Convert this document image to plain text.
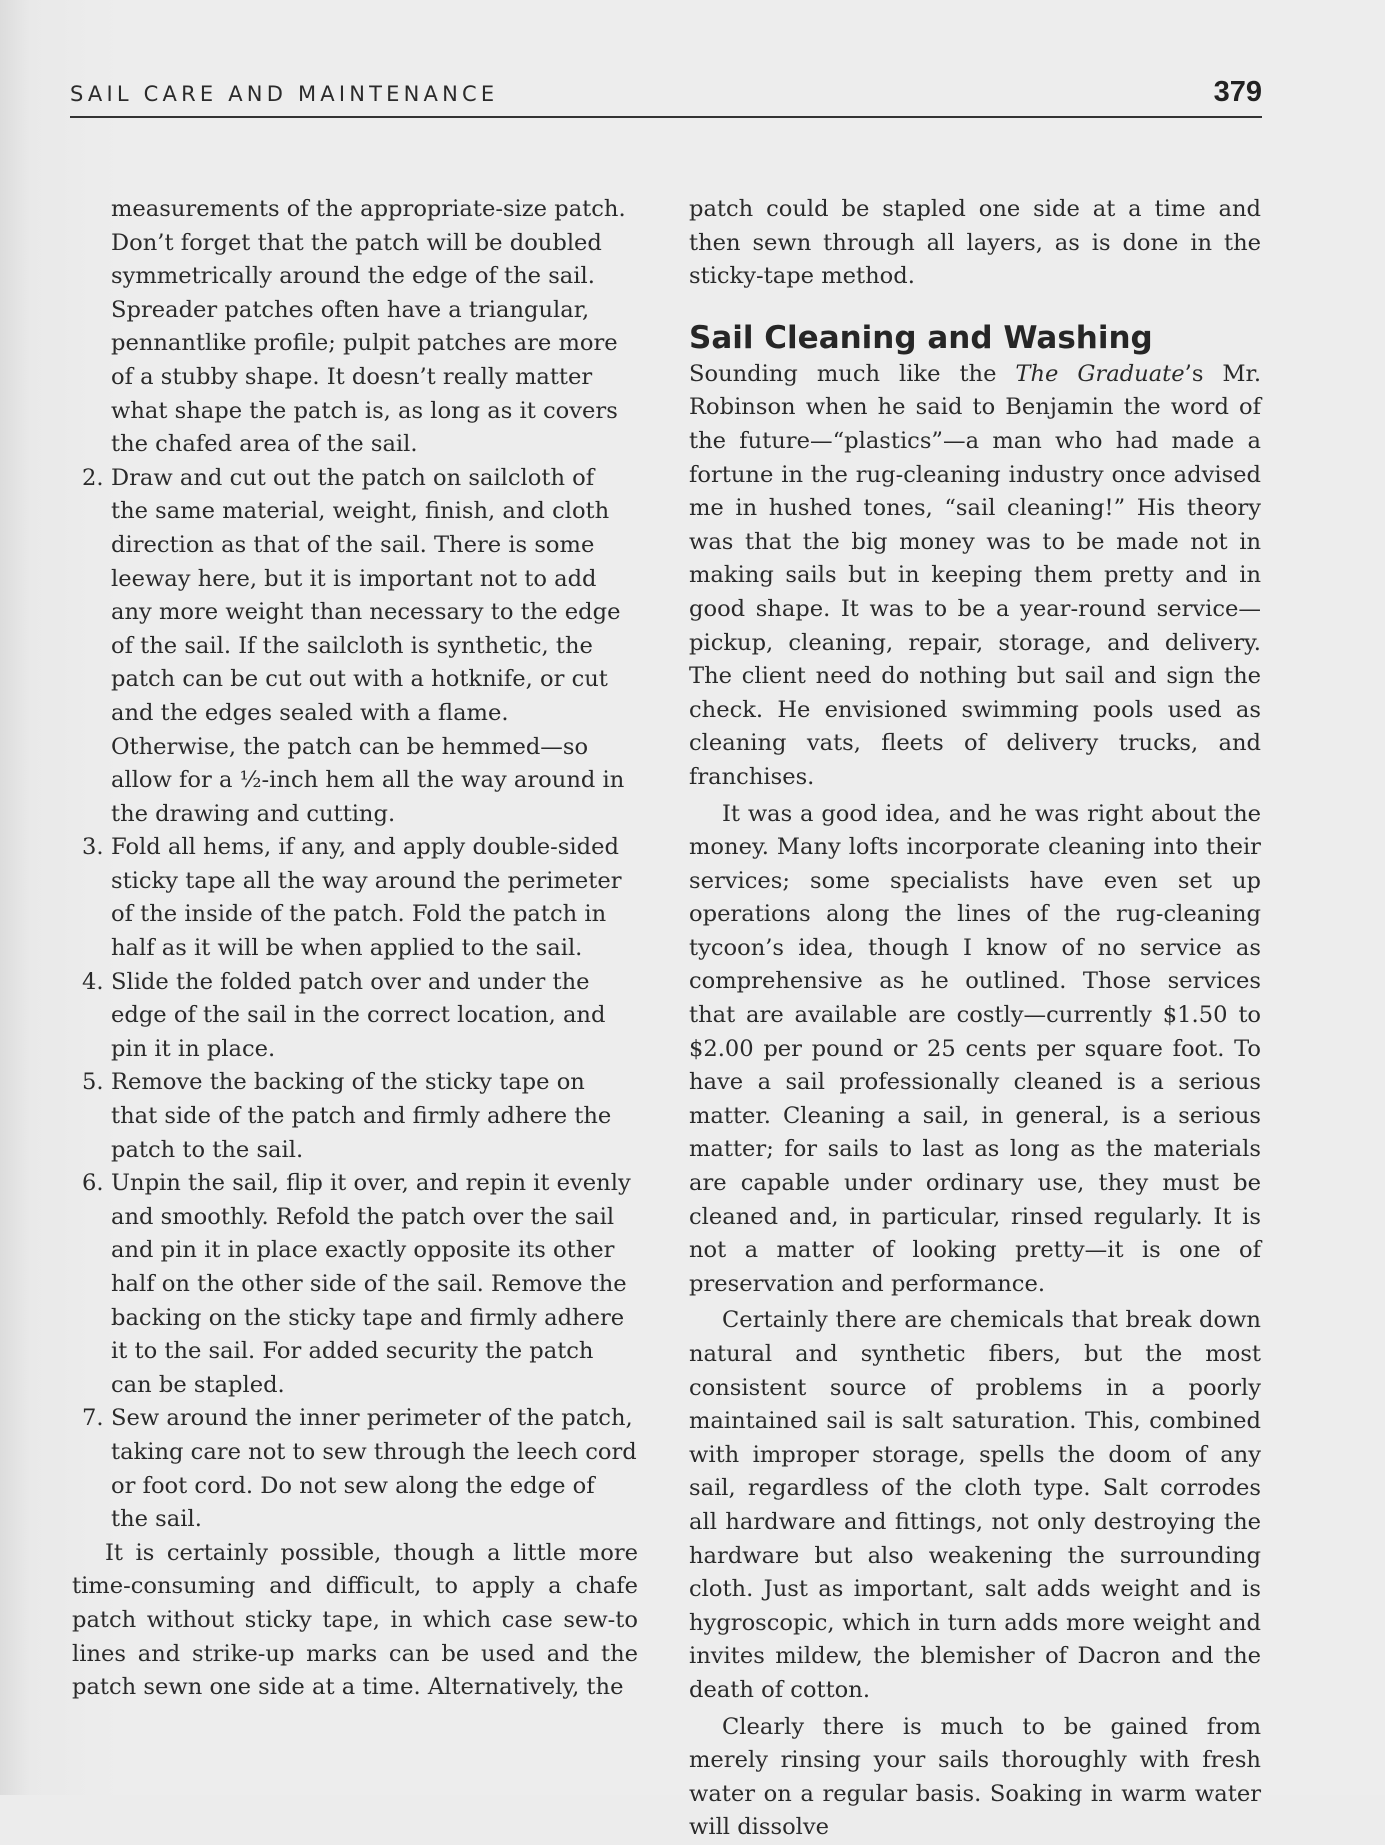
SAIL CARE AND MAINTENANCE	379
measurements of the appropriate-size patch. Don’t forget that the patch will be doubled symmetrically around the edge of the sail. Spreader patches often have a triangular, pennantlike profile; pulpit patches are more of a stubby shape. It doesn’t really matter what shape the patch is, as long as it covers the chafed area of the sail.
2. Draw and cut out the patch on sailcloth of the same material, weight, finish, and cloth direction as that of the sail. There is some leeway here, but it is important not to add any more weight than necessary to the edge of the sail. If the sailcloth is synthetic, the patch can be cut out with a hotknife, or cut and the edges sealed with a flame. Otherwise, the patch can be hemmed—so allow for a ½-inch hem all the way around in the drawing and cutting.
3. Fold all hems, if any, and apply double-sided sticky tape all the way around the perimeter of the inside of the patch. Fold the patch in half as it will be when applied to the sail.
4. Slide the folded patch over and under the edge of the sail in the correct location, and pin it in place.
5. Remove the backing of the sticky tape on that side of the patch and firmly adhere the patch to the sail.
6. Unpin the sail, flip it over, and repin it evenly and smoothly. Refold the patch over the sail and pin it in place exactly opposite its other half on the other side of the sail. Remove the backing on the sticky tape and firmly adhere it to the sail. For added security the patch can be stapled.
7. Sew around the inner perimeter of the patch, taking care not to sew through the leech cord or foot cord. Do not sew along the edge of the sail.

It is certainly possible, though a little more time-consuming and difficult, to apply a chafe patch without sticky tape, in which case sew-to lines and strike-up marks can be used and the patch sewn one side at a time. Alternatively, the

patch could be stapled one side at a time and then sewn through all layers, as is done in the sticky-tape method.

Sail Cleaning and Washing

Sounding much like the The Graduate’s Mr. Robinson when he said to Benjamin the word of the future—“plastics”—a man who had made a fortune in the rug-cleaning industry once advised me in hushed tones, “sail cleaning!” His theory was that the big money was to be made not in making sails but in keeping them pretty and in good shape. It was to be a year-round service—pickup, cleaning, repair, storage, and delivery. The client need do nothing but sail and sign the check. He envisioned swimming pools used as cleaning vats, fleets of delivery trucks, and franchises.

It was a good idea, and he was right about the money. Many lofts incorporate cleaning into their services; some specialists have even set up operations along the lines of the rug-cleaning tycoon’s idea, though I know of no service as comprehensive as he outlined. Those services that are available are costly—currently $1.50 to $2.00 per pound or 25 cents per square foot. To have a sail professionally cleaned is a serious matter. Cleaning a sail, in general, is a serious matter; for sails to last as long as the materials are capable under ordinary use, they must be cleaned and, in particular, rinsed regularly. It is not a matter of looking pretty—it is one of preservation and performance.

Certainly there are chemicals that break down natural and synthetic fibers, but the most consistent source of problems in a poorly maintained sail is salt saturation. This, combined with improper storage, spells the doom of any sail, regardless of the cloth type. Salt corrodes all hardware and fittings, not only destroying the hardware but also weakening the surrounding cloth. Just as important, salt adds weight and is hygroscopic, which in turn adds more weight and invites mildew, the blemisher of Dacron and the death of cotton.

Clearly there is much to be gained from merely rinsing your sails thoroughly with fresh water on a regular basis. Soaking in warm water will dissolve
